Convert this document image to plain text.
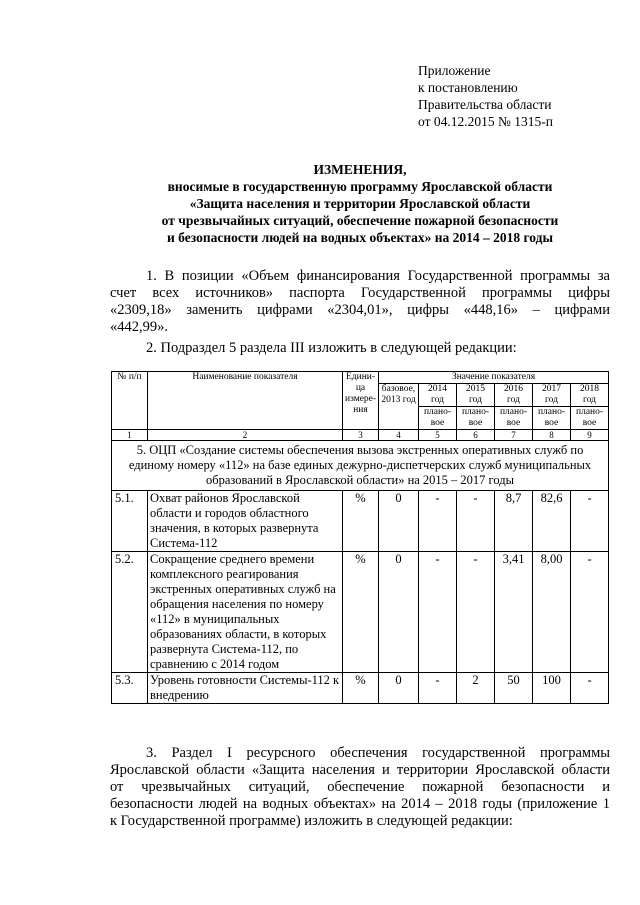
Приложение
к постановлению
Правительства области
от 04.12.2015 № 1315-п
ИЗМЕНЕНИЯ,
вносимые в государственную программу Ярославской области
«Защита населения и территории Ярославской области
от чрезвычайных ситуаций, обеспечение пожарной безопасности
и безопасности людей на водных объектах» на 2014 – 2018 годы

1. В позиции «Объем финансирования Государственной программы за

счет всех источников» паспорта Государственной программы цифры

«2309,18» заменить цифрами «2304,01», цифры «448,16» – цифрами

«442,99».

2. Подраздел 5 раздела III изложить в следующей редакции:

№ п/п	Наименование показателя	Едини-ца измере-ния	Значение показателя					
			базовое, 2013 год	2014 год	2015 год	2016 год	2017 год	2018 год
				плано-вое	плано-вое	плано-вое	плано-вое	плано-вое
1	2	3	4	5	6	7	8	9
5. ОЦП «Создание системы обеспечения вызова экстренных оперативных служб по единому номеру «112» на базе единых дежурно-диспетчерских служб муниципальных образований в Ярославской области» на 2015 – 2017 годы								
5.1.	Охват районов Ярославской области и городов областного значения, в которых развернута Система-112	%	0	-	-	8,7	82,6	-
5.2.	Сокращение среднего времени комплексного реагирования экстренных оперативных служб на обращения населения по номеру «112» в муниципальных образованиях области, в которых развернута Система-112, по сравнению с 2014 годом	%	0	-	-	3,41	8,00	-
5.3.	Уровень готовности Системы-112 к внедрению	%	0	-	2	50	100	-

3. Раздел I ресурсного обеспечения государственной программы

Ярославской области «Защита населения и территории Ярославской области

от чрезвычайных ситуаций, обеспечение пожарной безопасности и

безопасности людей на водных объектах» на 2014 – 2018 годы (приложение 1

к Государственной программе) изложить в следующей редакции:
